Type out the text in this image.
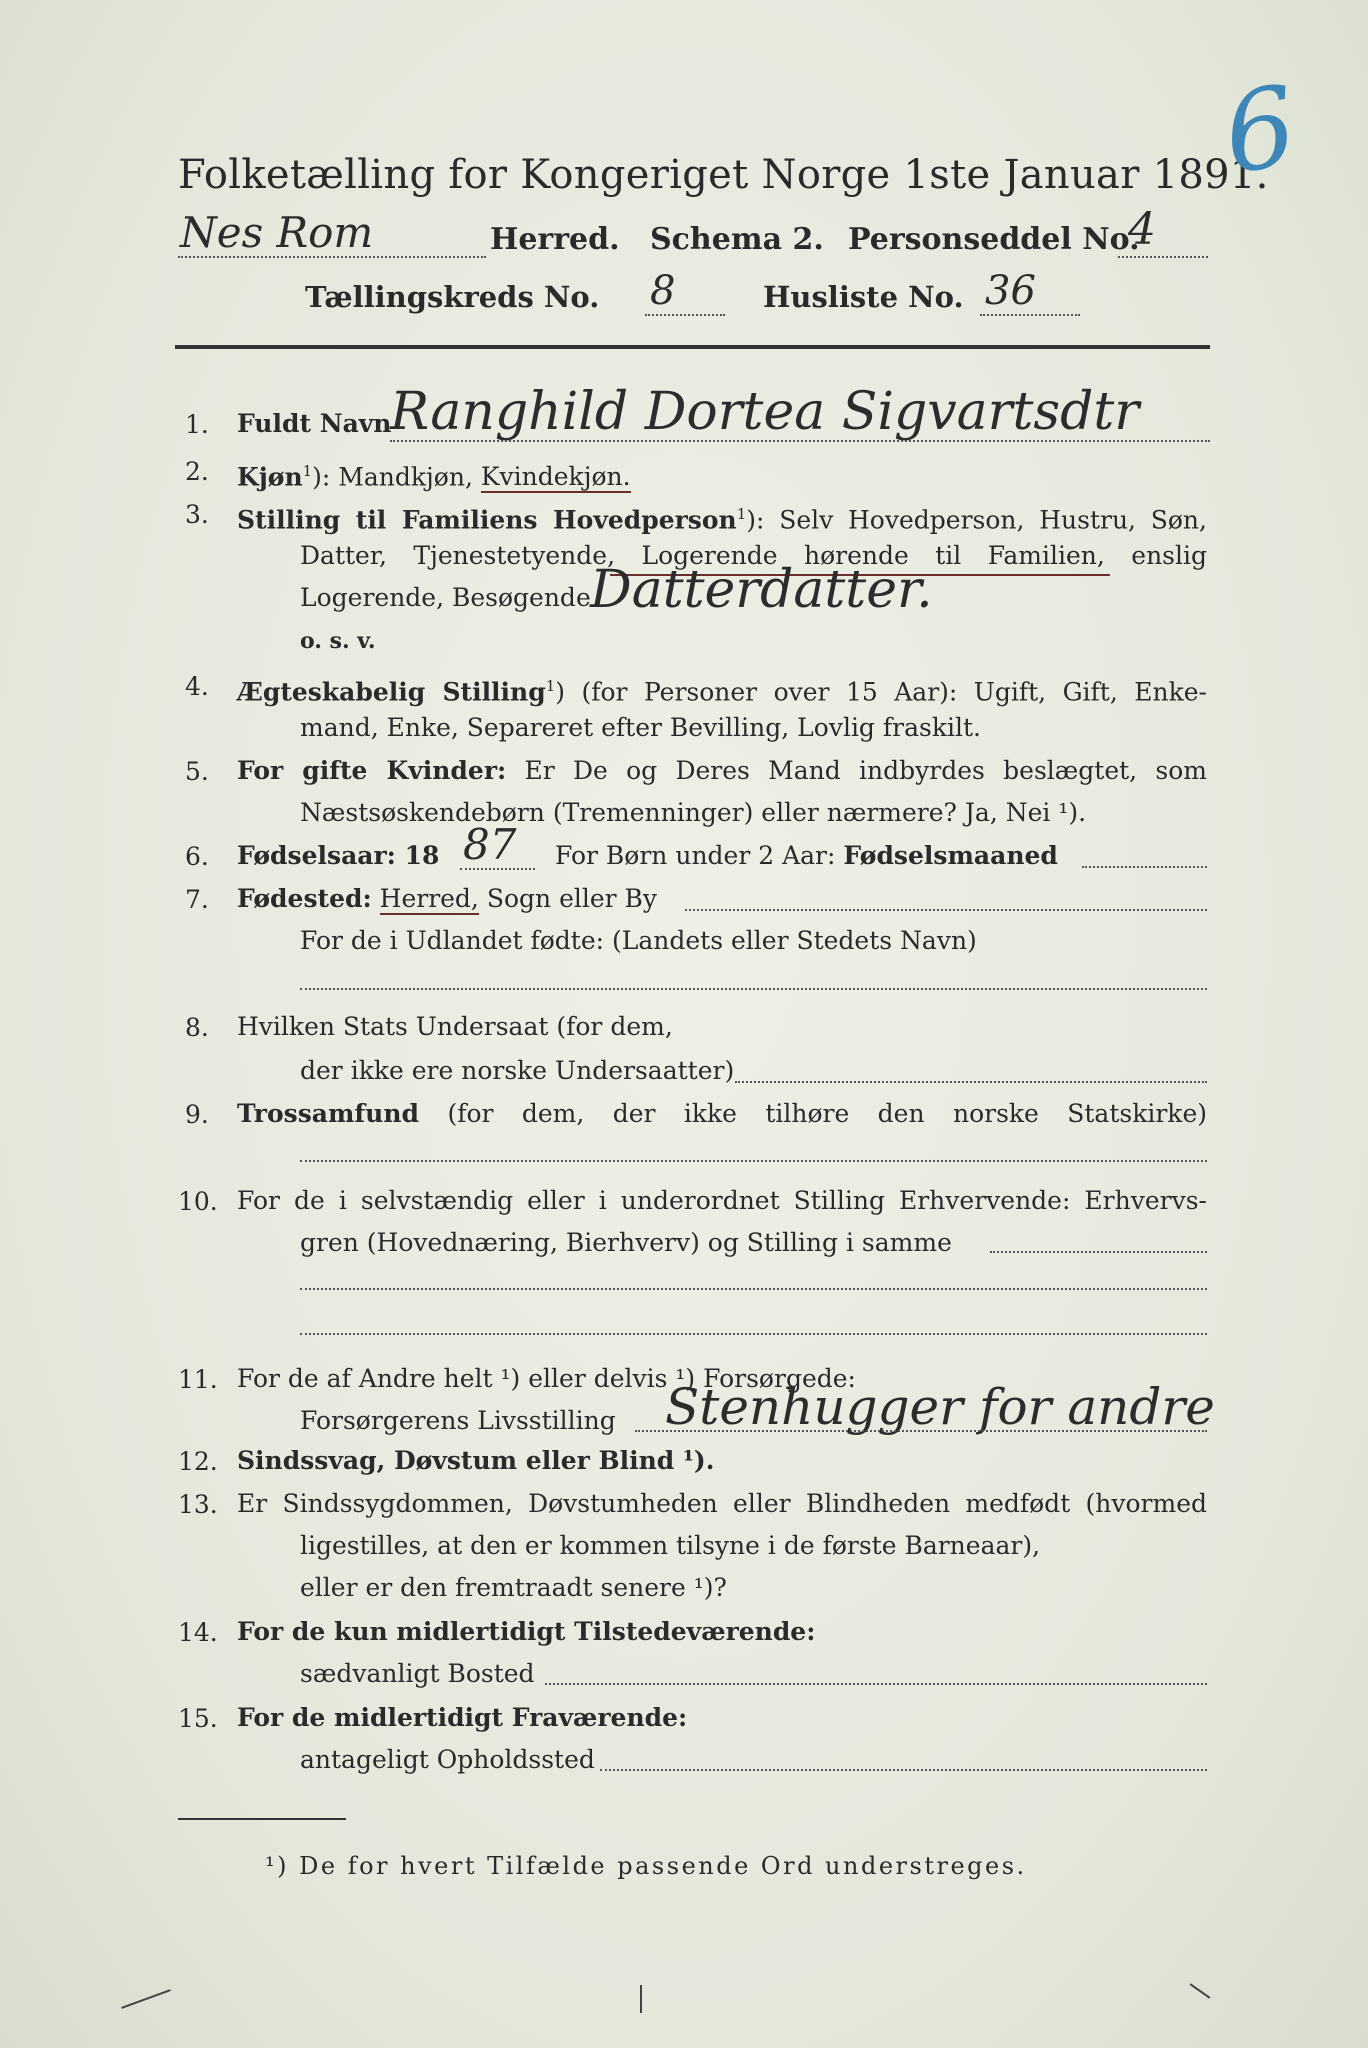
Folketælling for Kongeriget Norge 1ste Januar 1891.
6
Nes Rom	Herred. Schema 2. Personseddel No.
4
Tællingskreds No. 8	Husliste No. 36
1. Fuldt Navn
Ranghild Dortea Sigvartsdtr
2. Kjøn$^1$): Mandkjøn, Kvindekjøn.
3. Stilling til Familiens Hovedperson$^1$): Selv Hovedperson, Hustru, Søn,
Datter, Tjenestetyende, Logerende hørende til Familien, enslig
Logerende, Besøgende Datterdatter.
o. s. v.
4. Ægteskabelig Stilling$^1$) (for Personer over 15 Aar): Ugift, Gift, Enke-
mand, Enke, Separeret efter Bevilling, Lovlig fraskilt.
5. For gifte Kvinder: Er De og Deres Mand indbyrdes beslægtet, som
Næstsøskendebørn (Tremenninger) eller nærmere? Ja, Nei ¹).
6. Fødselsaar: 18 87 For Børn under 2 Aar: Fødselsmaaned
7. Fødested: Herred, Sogn eller By
For de i Udlandet fødte: (Landets eller Stedets Navn)
8. Hvilken Stats Undersaat (for dem,
der ikke ere norske Undersaatter)
9. Trossamfund (for dem, der ikke tilhøre den norske Statskirke)
10. For de i selvstændig eller i underordnet Stilling Erhvervende: Erhvervs-
gren (Hovednæring, Bierhverv) og Stilling i samme
11. For de af Andre helt ¹) eller delvis ¹) Forsørgede:
Forsørgerens Livsstilling Stenhugger for andre
12. Sindssvag, Døvstum eller Blind ¹).
13. Er Sindssygdommen, Døvstumheden eller Blindheden medfødt (hvormed
ligestilles, at den er kommen tilsyne i de første Barneaar),
eller er den fremtraadt senere ¹)?
14. For de kun midlertidigt Tilstedeværende:
sædvanligt Bosted
15. For de midlertidigt Fraværende:
antageligt Opholdssted
¹) De for hvert Tilfælde passende Ord understreges.
